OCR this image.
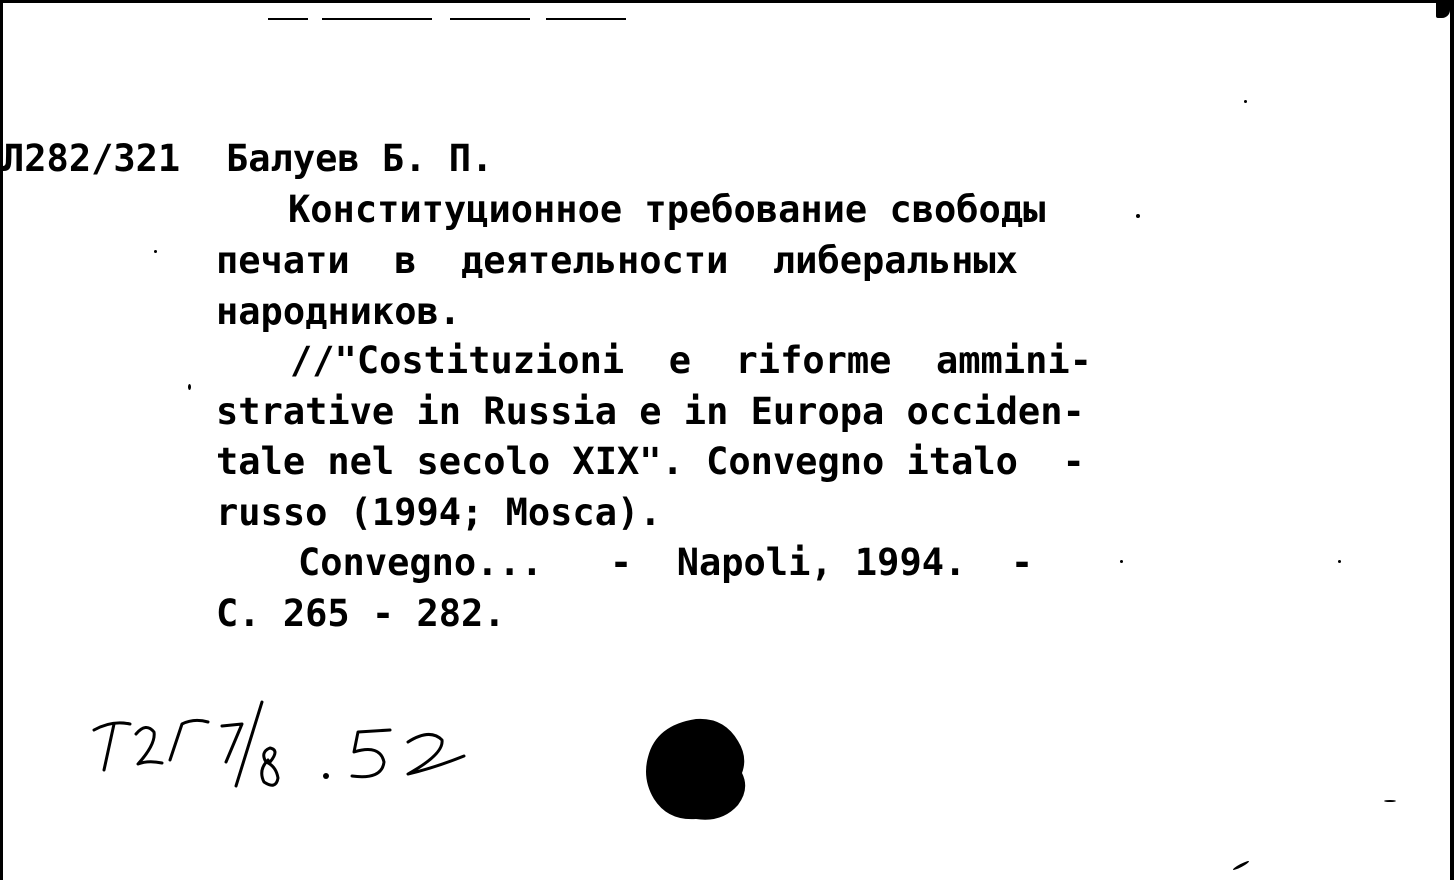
Л282/321 Балуев Б. П.

Конституционное требование свободы

печати  в  деятельности  либеральных

народников.

//"Costituzioni  e  riforme  ammini-

strative in Russia e in Europa occiden-

tale nel secolo XIX". Convegno italo  -

russo (1994; Mosca).

Convegno...   -  Napoli, 1994.  -

С. 265 - 282.
